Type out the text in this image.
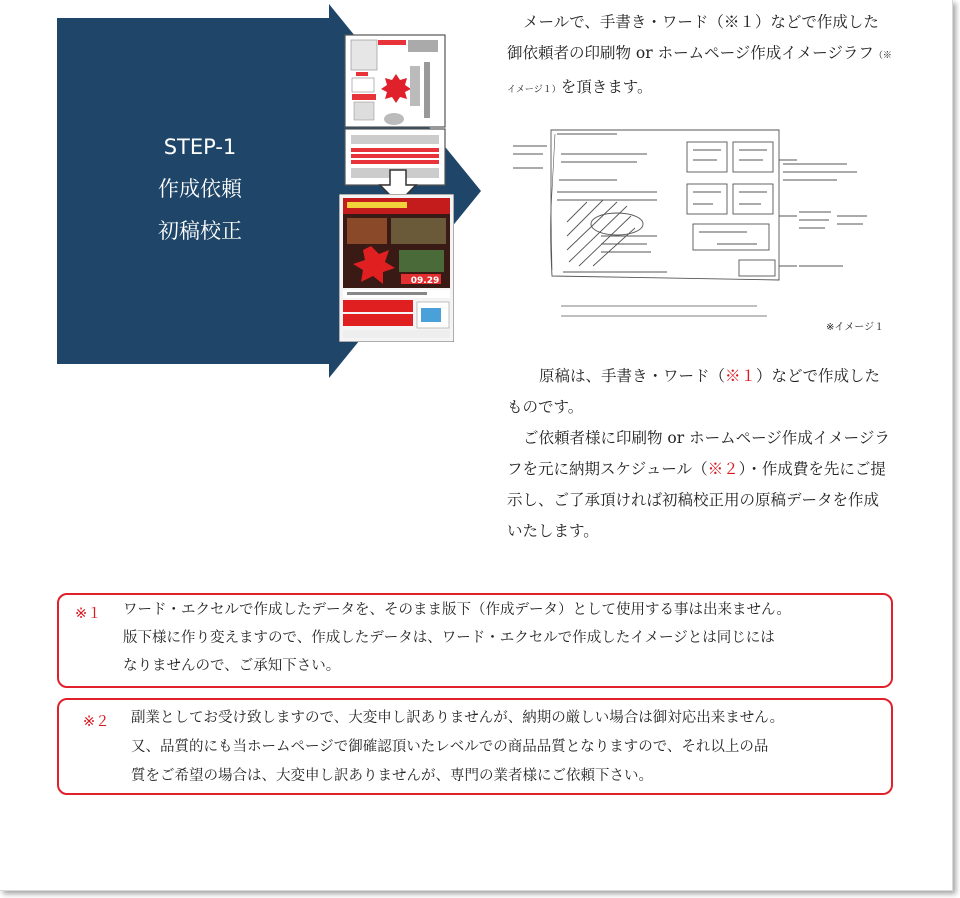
STEP-1
作成依頼
初稿校正
09.29

メールで、手書き・ワード（※１）などで作成した御依頼者の印刷物 or ホームページ作成イメージラフ（※イメージ１）を頂きます。

※イメージ１

原稿は、手書き・ワード（※１）などで作成したものです。

ご依頼者様に印刷物 or ホームページ作成イメージラフを元に納期スケジュール（※２）・作成費を先にご提示し、ご了承頂ければ初稿校正用の原稿データを作成いたします。

※１ ワード・エクセルで作成したデータを、そのまま版下（作成データ）として使用する事は出来ません。
版下様に作り変えますので、作成したデータは、ワード・エクセルで作成したイメージとは同じには
なりませんので、ご承知下さい。
※２ 副業としてお受け致しますので、大変申し訳ありませんが、納期の厳しい場合は御対応出来ません。
又、品質的にも当ホームページで御確認頂いたレベルでの商品品質となりますので、それ以上の品
質をご希望の場合は、大変申し訳ありませんが、専門の業者様にご依頼下さい。
